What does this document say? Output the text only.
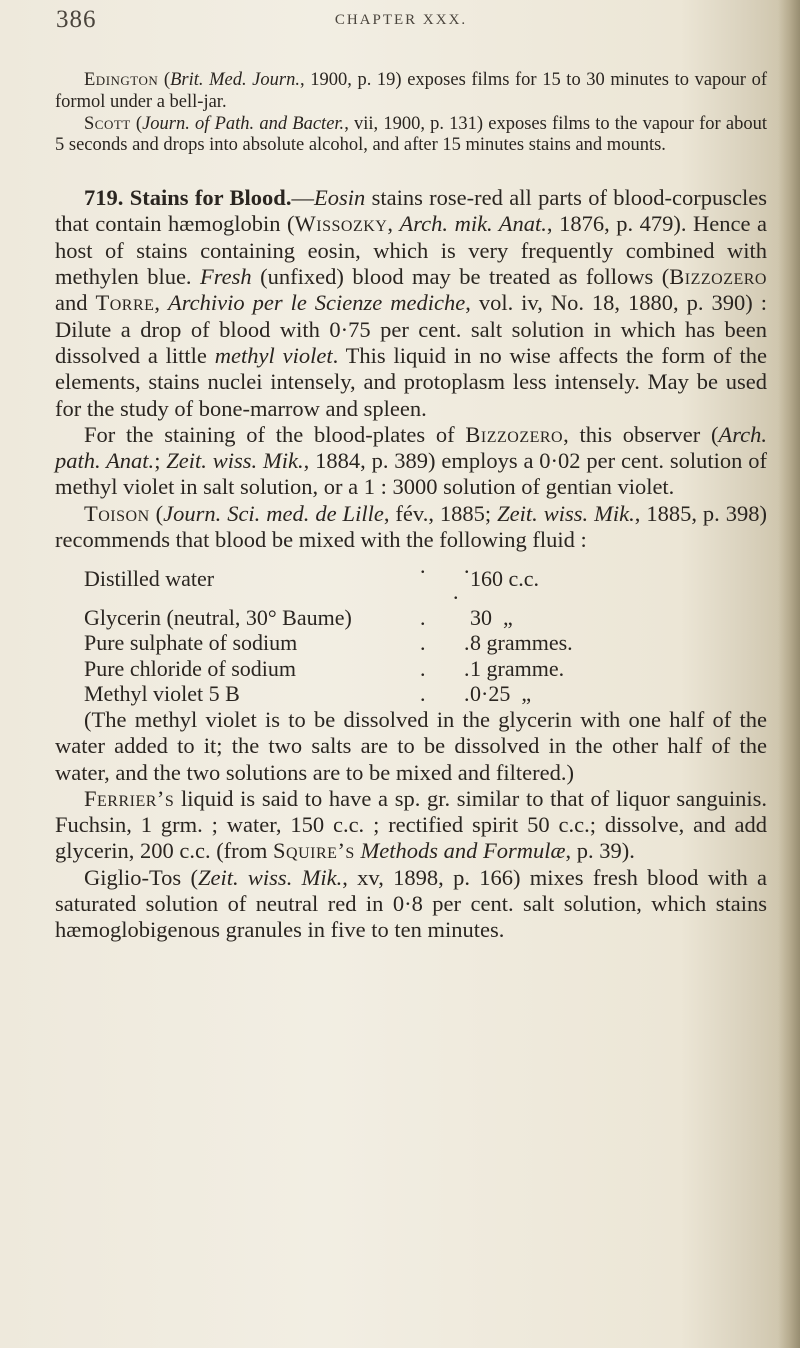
386	CHAPTER XXX.

Edington (Brit. Med. Journ., 1900, p. 19) exposes films for 15 to 30 minutes to vapour of formol under a bell-jar.

Scott (Journ. of Path. and Bacter., vii, 1900, p. 131) exposes films to the vapour for about 5 seconds and drops into absolute alcohol, and after 15 minutes stains and mounts.

719. Stains for Blood.—Eosin stains rose-red all parts of blood-corpuscles that contain hæmoglobin (Wissozky, Arch. mik. Anat., 1876, p. 479). Hence a host of stains containing eosin, which is very frequently combined with methylen blue. Fresh (unfixed) blood may be treated as follows (Bizzozero and Torre, Archivio per le Scienze mediche, vol. iv, No. 18, 1880, p. 390) : Dilute a drop of blood with 0·75 per cent. salt solution in which has been dissolved a little methyl violet. This liquid in no wise affects the form of the elements, stains nuclei intensely, and protoplasm less intensely. May be used for the study of bone-marrow and spleen.

For the staining of the blood-plates of Bizzozero, this observer (Arch. path. Anat.; Zeit. wiss. Mik., 1884, p. 389) employs a 0·02 per cent. solution of methyl violet in salt solution, or a 1 : 3000 solution of gentian violet.

Toison (Journ. Sci. med. de Lille, fév., 1885; Zeit. wiss. Mik., 1885, p. 398) recommends that blood be mixed with the following fluid :

Distilled water	.       .       .	160 c.c.
Glycerin (neutral, 30° Baume)	.	30  „
Pure sulphate of sodium	.       .	8 grammes.
Pure chloride of sodium	.       .	1 gramme.
Methyl violet 5 B	.       .	0·25  „

(The methyl violet is to be dissolved in the glycerin with one half of the water added to it; the two salts are to be dissolved in the other half of the water, and the two solutions are to be mixed and filtered.)

Ferrier’s liquid is said to have a sp. gr. similar to that of liquor sanguinis. Fuchsin, 1 grm. ; water, 150 c.c. ; rectified spirit 50 c.c.; dissolve, and add glycerin, 200 c.c. (from Squire’s Methods and Formulæ, p. 39).

Giglio-Tos (Zeit. wiss. Mik., xv, 1898, p. 166) mixes fresh blood with a saturated solution of neutral red in 0·8 per cent. salt solution, which stains hæmoglobigenous granules in five to ten minutes.
